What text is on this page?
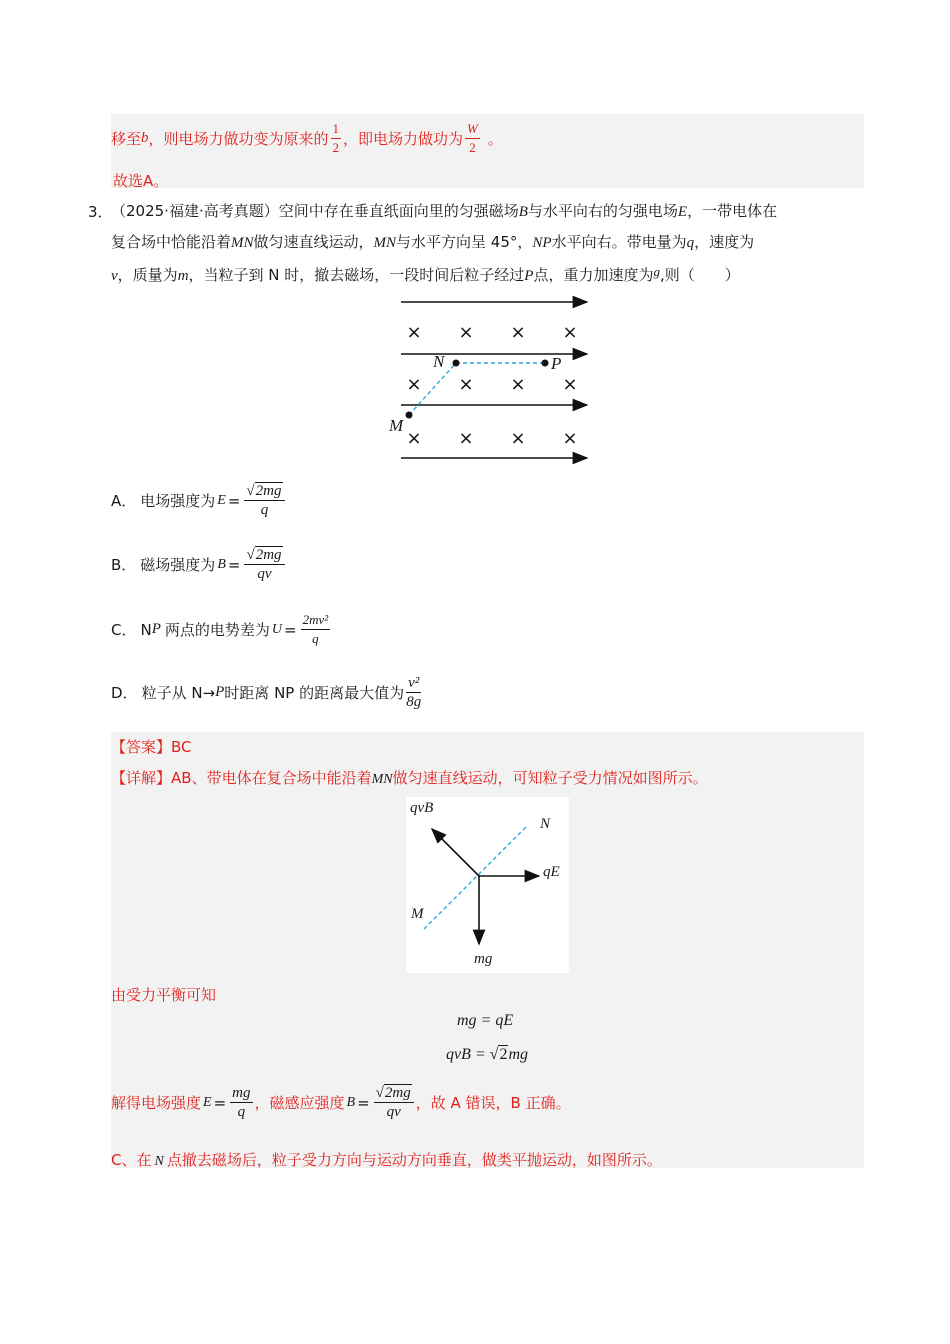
移至 b ，则电场力做功变为原来的 $\frac{1}{2}$ ，即电场力做功为 $\frac{W}{2}$ 。
故选A。
3．
（2025·福建·高考真题）空间中存在垂直纸面向里的匀强磁场B与水平向右的匀强电场E，一带电体在
复合场中恰能沿着MN做匀速直线运动，MN与水平方向呈 45°，NP水平向右。带电量为q，速度为
v，质量为m，当粒子到 N 时，撤去磁场，一段时间后粒子经过P点，重力加速度为g,则（　　）
× × × ×
× × × ×
× × × ×
N	P
M
A． 电场强度为 $E = \frac{√2mg}{q}$
B． 磁场强度为 $B = \frac{√2mg}{qv}$
C． N P 两点的电势差为 $U = \frac{\text{2mv²}}{q}$
D． 粒子从 N→ P 时距离 NP 的距离最大值为 $\frac{\text{v²}}{8g}$
【答案】BC
【详解】AB、带电体在复合场中能沿着MN做匀速直线运动，可知粒子受力情况如图所示。
qvB
N
qE
M
mg
由受力平衡可知
mg = qE
qvB = √2mg
解得电场强度 $E = \frac{mg}{q}$ ，磁感应强度 $B = \frac{√2mg}{qv}$ ，故 A 错误，B 正确。
C、在 N 点撤去磁场后，粒子受力方向与运动方向垂直，做类平抛运动，如图所示。
